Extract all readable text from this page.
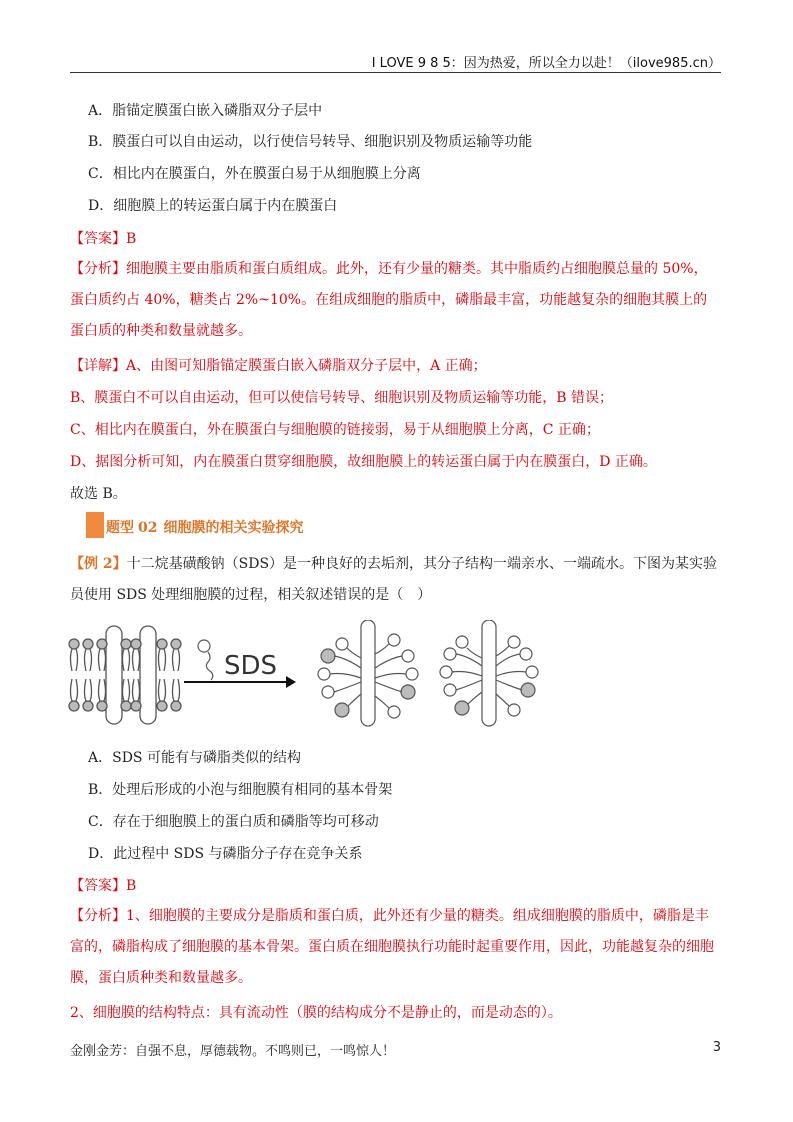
I LOVE 9 8 5：因为热爱，所以全力以赴！（ilove985.cn）
A．脂锚定膜蛋白嵌入磷脂双分子层中
B．膜蛋白可以自由运动，以行使信号转导、细胞识别及物质运输等功能
C．相比内在膜蛋白，外在膜蛋白易于从细胞膜上分离
D．细胞膜上的转运蛋白属于内在膜蛋白
【答案】B
【分析】细胞膜主要由脂质和蛋白质组成。此外，还有少量的糖类。其中脂质约占细胞膜总量的 50%，蛋白质约占 40%，糖类占 2%~10%。在组成细胞的脂质中，磷脂最丰富，功能越复杂的细胞其膜上的蛋白质的种类和数量就越多。
【详解】A、由图可知脂锚定膜蛋白嵌入磷脂双分子层中，A 正确；
B、膜蛋白不可以自由运动，但可以使信号转导、细胞识别及物质运输等功能，B 错误；
C、相比内在膜蛋白，外在膜蛋白与细胞膜的链接弱，易于从细胞膜上分离，C 正确；
D、据图分析可知，内在膜蛋白贯穿细胞膜，故细胞膜上的转运蛋白属于内在膜蛋白，D 正确。
故选 B。
题型 02 细胞膜的相关实验探究
【例 2】十二烷基磺酸钠（SDS）是一种良好的去垢剂，其分子结构一端亲水、一端疏水。下图为某实验员使用 SDS 处理细胞膜的过程，相关叙述错误的是（　）
SDS
A．SDS 可能有与磷脂类似的结构
B．处理后形成的小泡与细胞膜有相同的基本骨架
C．存在于细胞膜上的蛋白质和磷脂等均可移动
D．此过程中 SDS 与磷脂分子存在竞争关系
【答案】B
【分析】1、细胞膜的主要成分是脂质和蛋白质，此外还有少量的糖类。组成细胞膜的脂质中，磷脂是丰富的，磷脂构成了细胞膜的基本骨架。蛋白质在细胞膜执行功能时起重要作用，因此，功能越复杂的细胞膜，蛋白质种类和数量越多。
2、细胞膜的结构特点：具有流动性（膜的结构成分不是静止的，而是动态的）。
金刚金芳：自强不息，厚德载物。不鸣则已，一鸣惊人！	3
